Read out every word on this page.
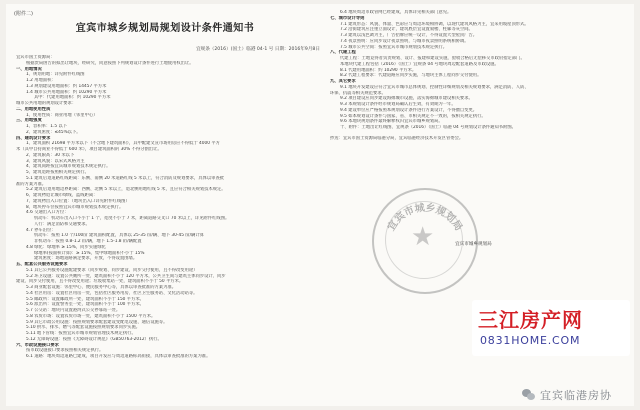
(附件二)
宜宾市城乡规划局规划设计条件通知书
宜规条（2016）(国土）临港 04-1 号 日期：2016年9月8日

宜宾市国土资源局：

根据贵局函告的拟出让地块，经研究，同意按照下列规划设计条件进行土地使用权出让。

一、用地情况

1、规划用地：详见附件红线图

1.2 用地面积：

1.3 规划建设用地面积：约 14457 平方米

1.4 城市公共用地面积：约 10290 平方米

其中：代建用地面积：约 10290 平方米

城市公共用地的规划设计要求：

二、用地使用性质

1、使用性质：商业用地（邻里中心）

三、用地强度

1、容积率：1.5 以下

2、建筑密度：≤45%以下。

四、建筑设计要求

1、建筑面积 21698 平方米以下（不含地下建筑面积），其中配建文宣市场用房应不得低于 4000 平方

米（其中自持商业不得低于 600 米），项目建筑面积的 30% 不得分割出让。

2、建筑限高：30 米以下

3、建筑风貌：以宋式风格为主

4、建筑间距按宜宾城市规划技术规定执行。

5、建筑退距按照相关规定执行。

5.1 建筑后退道路红线距离：东侧、南侧 20 米道路红线 5 米以上，符合消防及规划要求，具体以审查批

准的方案为准。

5.2 建筑后退用地边界距离：西侧、北侧 5 米以上，退北侧用地红线 5 米，且应符合相关规划技术规定。

6、建筑物退让城市绿线、蓝线距离：

7、建筑物出入口位置：（地块出入口详见附件红线图）

8、地块停车位按照宜宾市城市规划技术规定执行。

4.6 交通出入口方位：

机动车：机动车出入口不小于 1 个，宽度不小于 7 米，距离道路交叉口 70 米以上，详见附件红线图。

人行：满足消防和交通要求。

4.7 停车泊位：

机动车：按照 1.0 个/100㎡ 建筑面积配置，具体以 25-35 ㎡/辆、地下 30-45 ㎡/辆计算

非机动车：按照 0.8-1.2 ㎡/辆，地下 1.5-1.8 ㎡/辆配置

4.8 绿化：绿地率 ≥ 15%，同步实施绿化

绿地率(按面积计算)：≥ 15%，集中绿地面积不小于 15%

建筑密度：场地道路满足要求，开放，不得设置围墙。

五、配套公共服务设施要求

5.1 其它公共服务设施配建要求（同步规划、同步建设、同步交付使用，且不得改变用途）

5.2 环卫设施：设置公共厕所一处，建筑面积不小于 120 平方米，公共卫生间与建筑主体同步设计、同步

建设、同步交付使用，且不得改变用途；垃圾收集站一处，建筑面积不小于 50 平方米。

5.3 商业配套设施：邻里中心、便民服务中心等，具体以审查批准的方案为准。

5.4 社区用房：设置社区用房一处，包括社区服务用房、社区卫生服务站、文化活动站等。

5.5 邮政所：设置邮政所一处，建筑面积不小于 150 平方米。

5.6 派出所：设置警务室一处，建筑面积不小于 100 平方米。

5.7 公交站：地块内设置港湾式公交停靠站一处。

5.8 农贸市场：设置农贸市场一处，建筑面积不小于 1500 平方米。

5.9 其它市政公用设施：按照规划要求配套建设变配电设施、通信设施等。

5.10 供水、排水、燃气等配套设施按照规划要求同步实施。

5.11 地下管线：按照宜宾市城市规划管理技术规定执行。

5.12 无障碍设施：按照《无障碍设计规范》（GB50763-2012）执行。

六、市政设施接口要求

按市政设施接口要求按照相关规定执行。

6.1 道路：地块周边道路已建成，项目开发应与周边道路标高衔接，具体以审查批准的方案为准。

6.4 地块周边市政管网已经建成，具体详见相关部门意见。

七、城市设计导则

7.1 建筑形态：风貌、体量、色彩应与周边环境相协调，以现代建筑风格为主，宜采用坡屋顶形式。

7.2 沿街建筑应注重立面设计，建筑底层宜设置骑楼、柱廊等灰空间。

7.3 建筑以浅色调为主，广告招牌应统一设计，不得设置大型屋顶广告。

7.4 夜景照明：应同步设计夜景照明，与城市夜景照明系统相协调。

7.5 城市公共空间：按照宜宾市城市规划技术规定执行。

八、代建工程

代建工程：土地竞得者负责规划、设计、报建和建设实施，验收合格后无偿移交市政府指定部门。

本地块代建工程包括（2016）（国土）宜规条 04 号地块周边配套道路及市政设施。

8.1 代建用地面积：约 10290 平方米。

8.2 代建工程要求：代建道路应同步实施，与地块主体工程同步交付使用。

九、其它要求

9.1 地块开发建设应符合宜宾市城市总体规划、控制性详细规划及相关规划要求，满足消防、人防、

环保、抗震等相关规范要求。

9.2 项目建设应同步建设海绵城市设施，落实海绵城市建设相关要求。

9.3 本规划设计条件经市规划局确认后生效，有效期为一年。

9.4 建设单位应严格按照本规划设计条件进行方案设计，不得擅自变更。

9.5 如本规划设计条件与国家、省、市相关规定不一致的，按相关规定执行。

9.6 本地块规划条件最终解释权归宜宾市城乡规划局。

十、附件：土地出让红线图、宜规条（2016）（国土）临港 04 号规划设计条件通知书附图。

抄送：宜宾市国土资源局临港分局，宜宾临港经济技术开发区管委会。

★
宜宾市城乡规划局
宜宾市城乡规划局
三江房产网
0831HOME.COM
宜宾临港房协
